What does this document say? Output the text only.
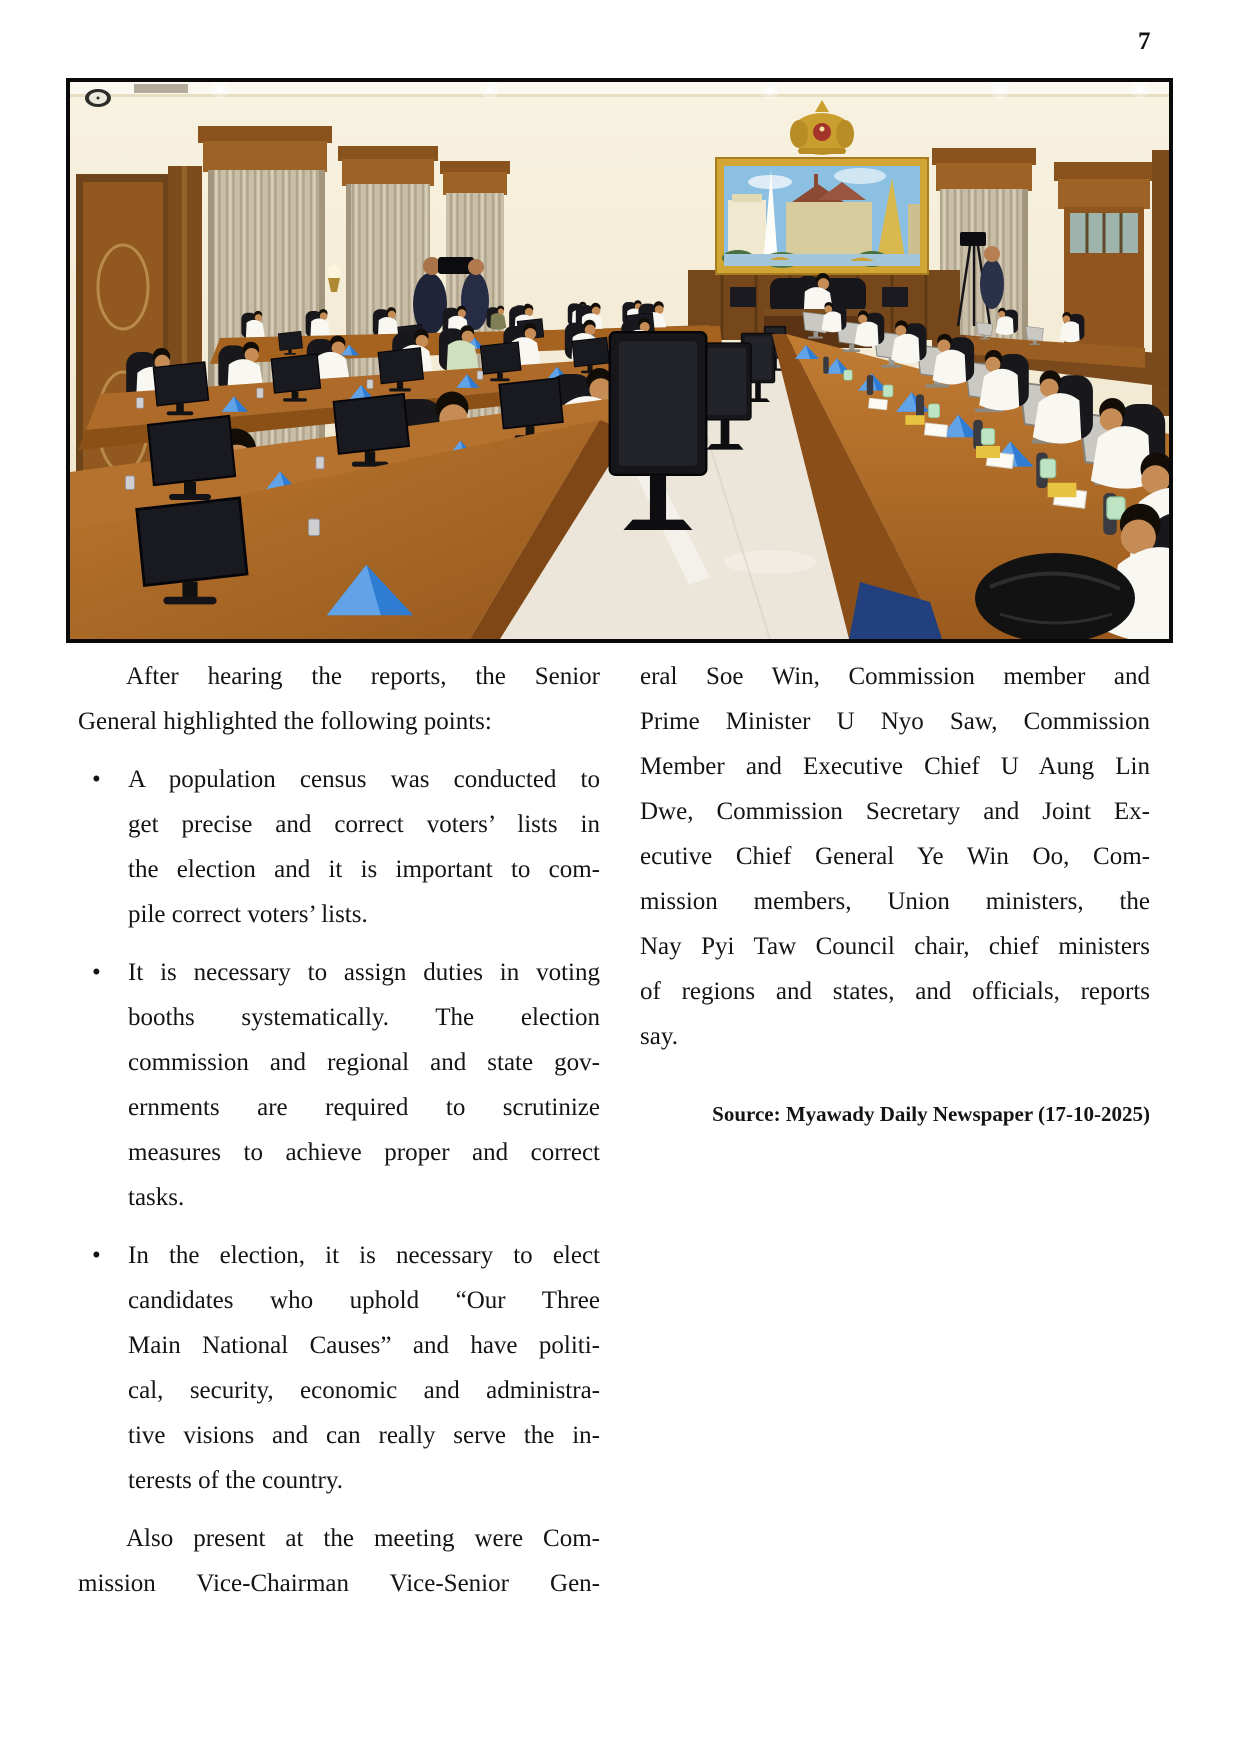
7
After hearing the reports, the Senior
General highlighted the following points:
• A population census was conducted to
get precise and correct voters’ lists in
the election and it is important to com-
pile correct voters’ lists.
• It is necessary to assign duties in voting
booths systematically. The election
commission and regional and state gov-
ernments are required to scrutinize
measures to achieve proper and correct
tasks.
• In the election, it is necessary to elect
candidates who uphold “Our Three
Main National Causes” and have politi-
cal, security, economic and administra-
tive visions and can really serve the in-
terests of the country.
Also present at the meeting were Com-
mission Vice-Chairman Vice-Senior Gen-
eral Soe Win, Commission member and
Prime Minister U Nyo Saw, Commission
Member and Executive Chief U Aung Lin
Dwe, Commission Secretary and Joint Ex-
ecutive Chief General Ye Win Oo, Com-
mission members, Union ministers, the
Nay Pyi Taw Council chair, chief ministers
of regions and states, and officials, reports
say.
Source: Myawady Daily Newspaper (17-10-2025)
